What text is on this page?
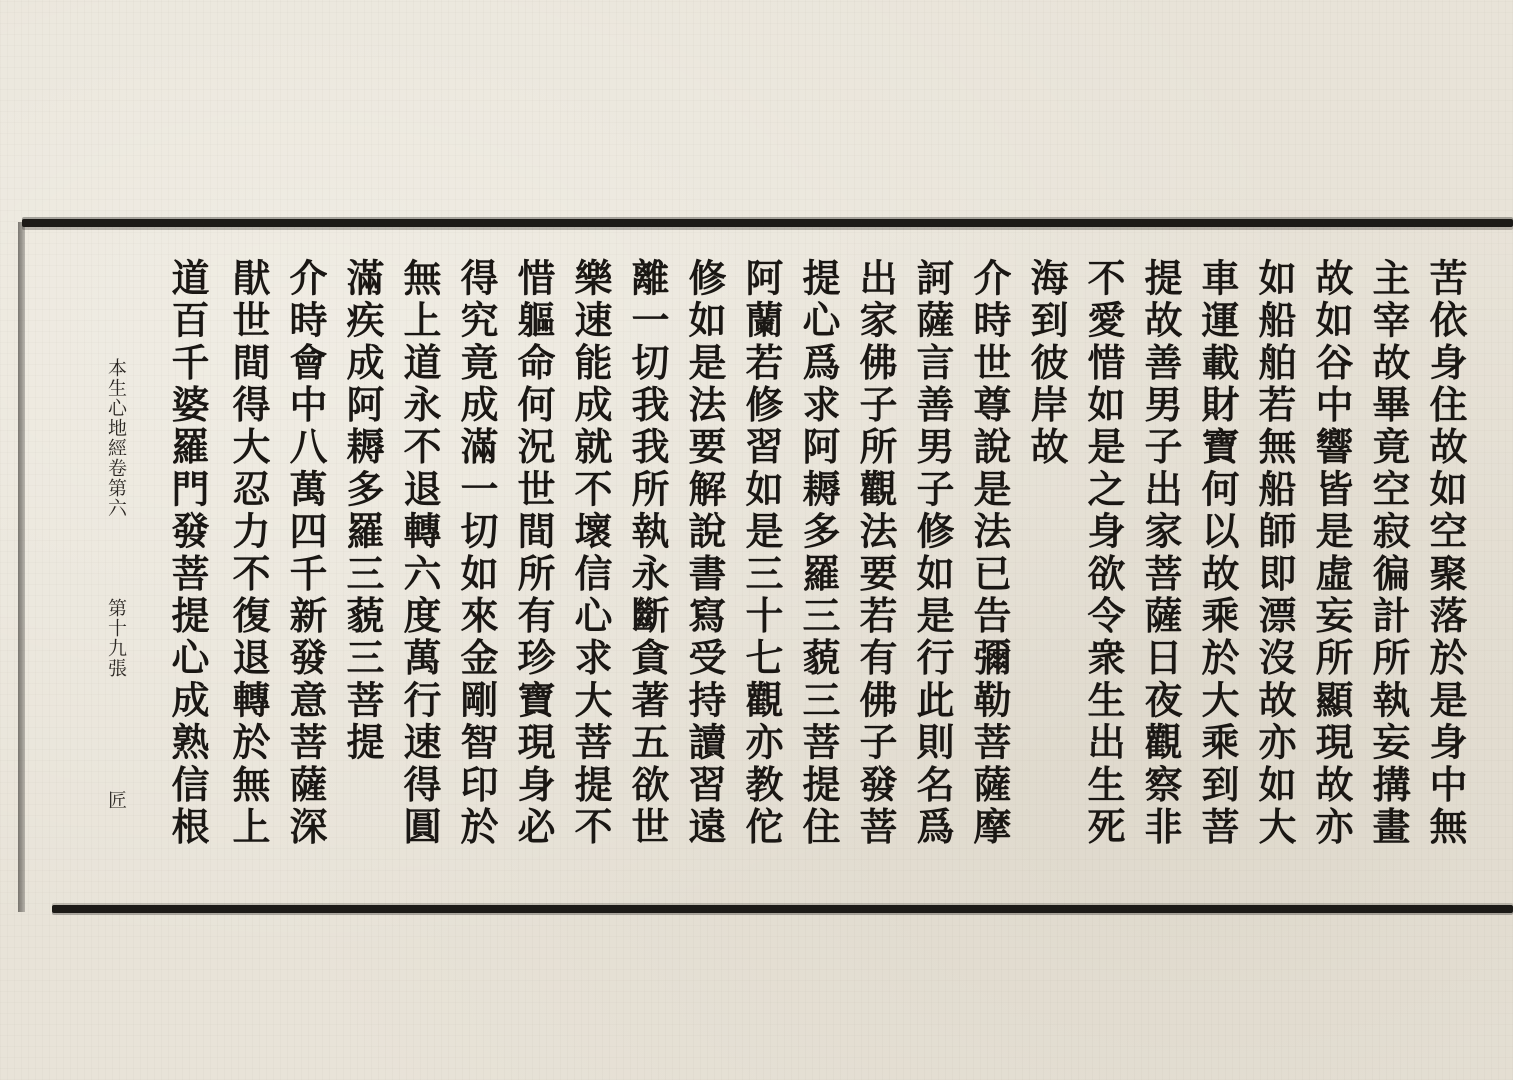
苦依身住故如空聚落於是身中無
主宰故畢竟空寂徧計所執妄搆畫
故如谷中響皆是虛妄所顯現故亦
如船舶若無船師即漂沒故亦如大
車運載財寶何以故乘於大乘到菩
提故善男子出家菩薩日夜觀察非
不愛惜如是之身欲令衆生出生死
海到彼岸故
介時世尊說是法已告彌勒菩薩摩
訶薩言善男子修如是行此則名爲
出家佛子所觀法要若有佛子發菩
提心爲求阿耨多羅三藐三菩提住
阿蘭若修習如是三十七觀亦教佗
修如是法要解說書寫受持讀習遠
離一切我我所執永斷貪著五欲世
樂速能成就不壞信心求大菩提不
惜軀命何況世間所有珍寶現身必
得究竟成滿一切如來金剛智印於
無上道永不退轉六度萬行速得圓
滿疾成阿耨多羅三藐三菩提
介時會中八萬四千新發意菩薩深
猒世間得大忍力不復退轉於無上
道百千婆羅門發菩提心成熟信根
本生心地經卷第六
第十九張
匠
